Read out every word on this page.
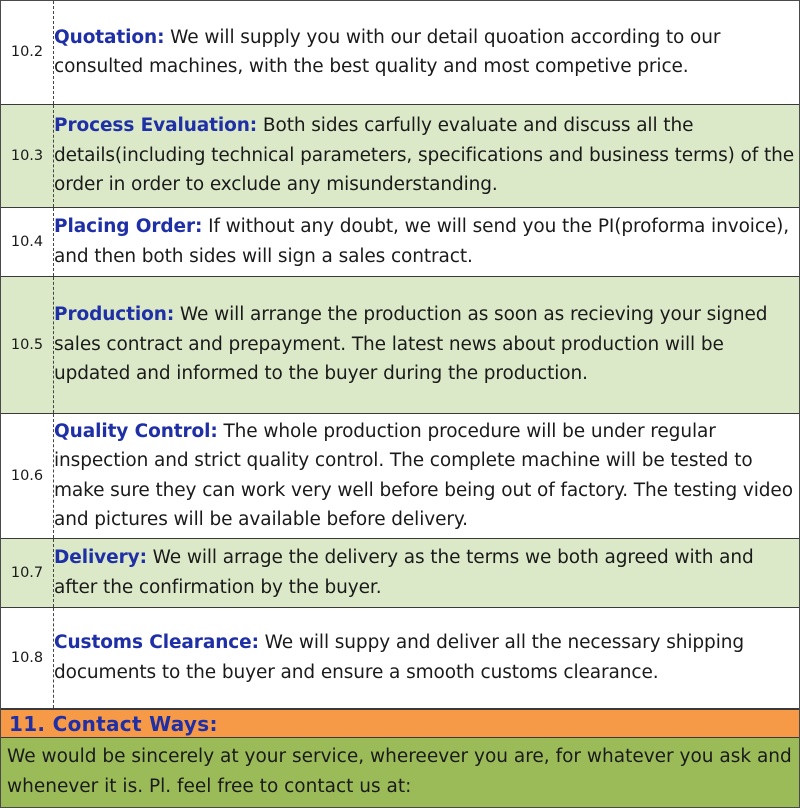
10.2	Quotation: We will supply you with our detail quoation according to our consulted machines, with the best quality and most competive price.
10.3	Process Evaluation: Both sides carfully evaluate and discuss all the details(including technical parameters, specifications and business terms) of the order in order to exclude any misunderstanding.
10.4	Placing Order: If without any doubt, we will send you the PI(proforma invoice), and then both sides will sign a sales contract.
10.5	Production: We will arrange the production as soon as recieving your signed sales contract and prepayment. The latest news about production will be updated and informed to the buyer during the production.
10.6	Quality Control: The whole production procedure will be under regular inspection and strict quality control. The complete machine will be tested to make sure they can work very well before being out of factory. The testing video and pictures will be available before delivery.
10.7	Delivery: We will arrage the delivery as the terms we both agreed with and after the confirmation by the buyer.
10.8	Customs Clearance: We will suppy and deliver all the necessary shipping documents to the buyer and ensure a smooth customs clearance.
11. Contact Ways:
We would be sincerely at your service, whereever you are, for whatever you ask and whenever it is. Pl. feel free to contact us at:
